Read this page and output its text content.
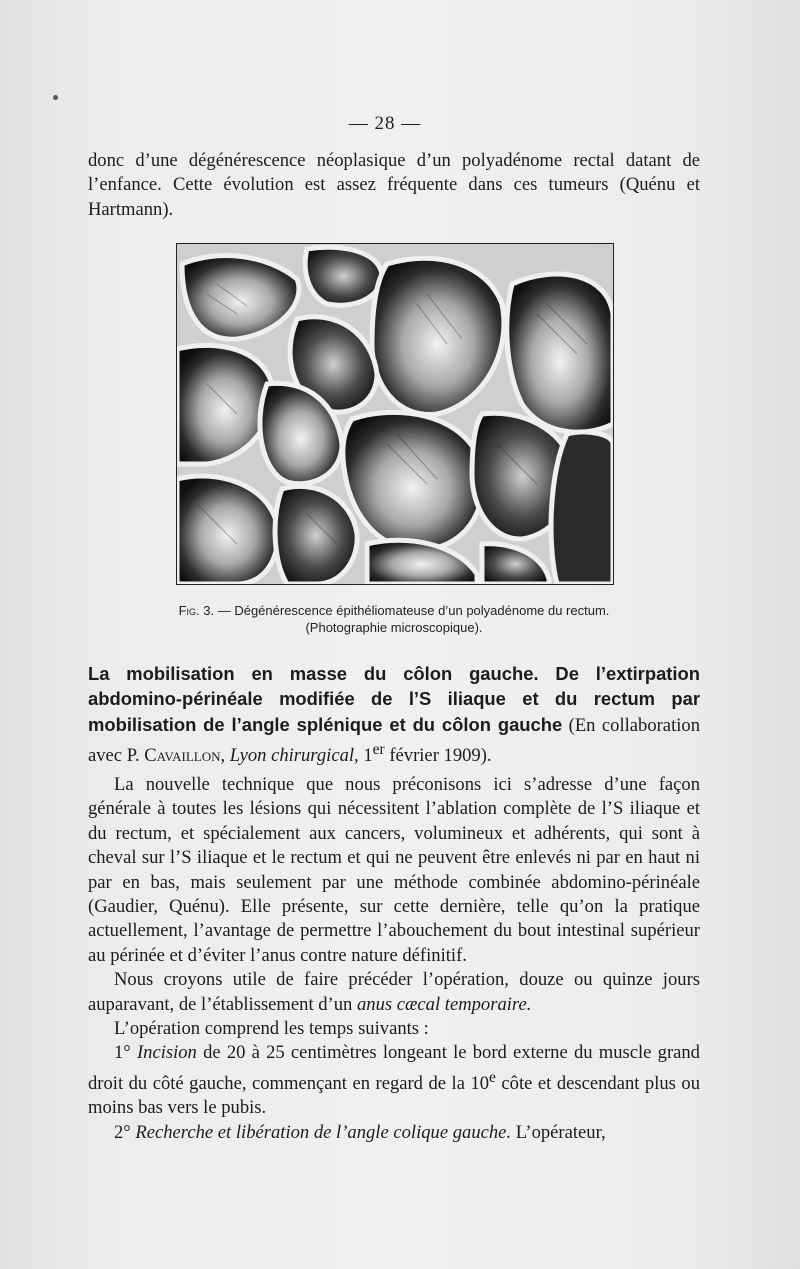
— 28 —
donc d’une dégénérescence néoplasique d’un polyadénome rectal datant de l’enfance. Cette évolution est assez fréquente dans ces tumeurs (Quénu et Hartmann).
Fig. 3. — Dégénérescence épithéliomateuse d’un polyadénome du rectum.
(Photographie microscopique).
La mobilisation en masse du côlon gauche. De l’extirpation abdomino-périnéale modifiée de l’S iliaque et du rectum par mobilisation de l’angle splénique et du côlon gauche (En collaboration avec P. Cavaillon, Lyon chirurgical, 1er février 1909).

La nouvelle technique que nous préconisons ici s’adresse d’une façon générale à toutes les lésions qui nécessitent l’ablation complète de l’S iliaque et du rectum, et spécialement aux cancers, volumineux et adhérents, qui sont à cheval sur l’S iliaque et le rectum et qui ne peuvent être enlevés ni par en haut ni par en bas, mais seulement par une méthode combinée abdomino-périnéale (Gaudier, Quénu). Elle présente, sur cette dernière, telle qu’on la pratique actuellement, l’avantage de permettre l’abouchement du bout intestinal supérieur au périnée et d’éviter l’anus contre nature définitif.

Nous croyons utile de faire précéder l’opération, douze ou quinze jours auparavant, de l’établissement d’un anus cæcal temporaire.

L’opération comprend les temps suivants :

1° Incision de 20 à 25 centimètres longeant le bord externe du muscle grand droit du côté gauche, commençant en regard de la 10e côte et descendant plus ou moins bas vers le pubis.

2° Recherche et libération de l’angle colique gauche. L’opérateur,
